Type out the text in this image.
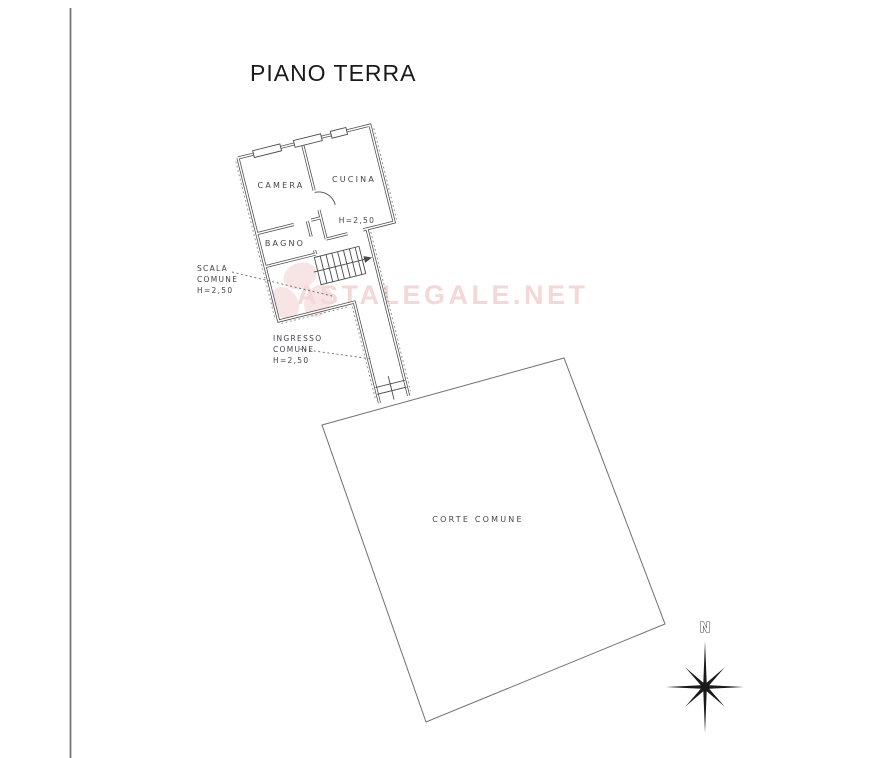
ASTALEGALE.NET
PIANO TERRA
CAMERA
CUCINA
H=2,50
BAGNO
SCALA
COMUNE
H=2,50
INGRESSO
COMUNE
H=2,50
CORTE COMUNE
N
